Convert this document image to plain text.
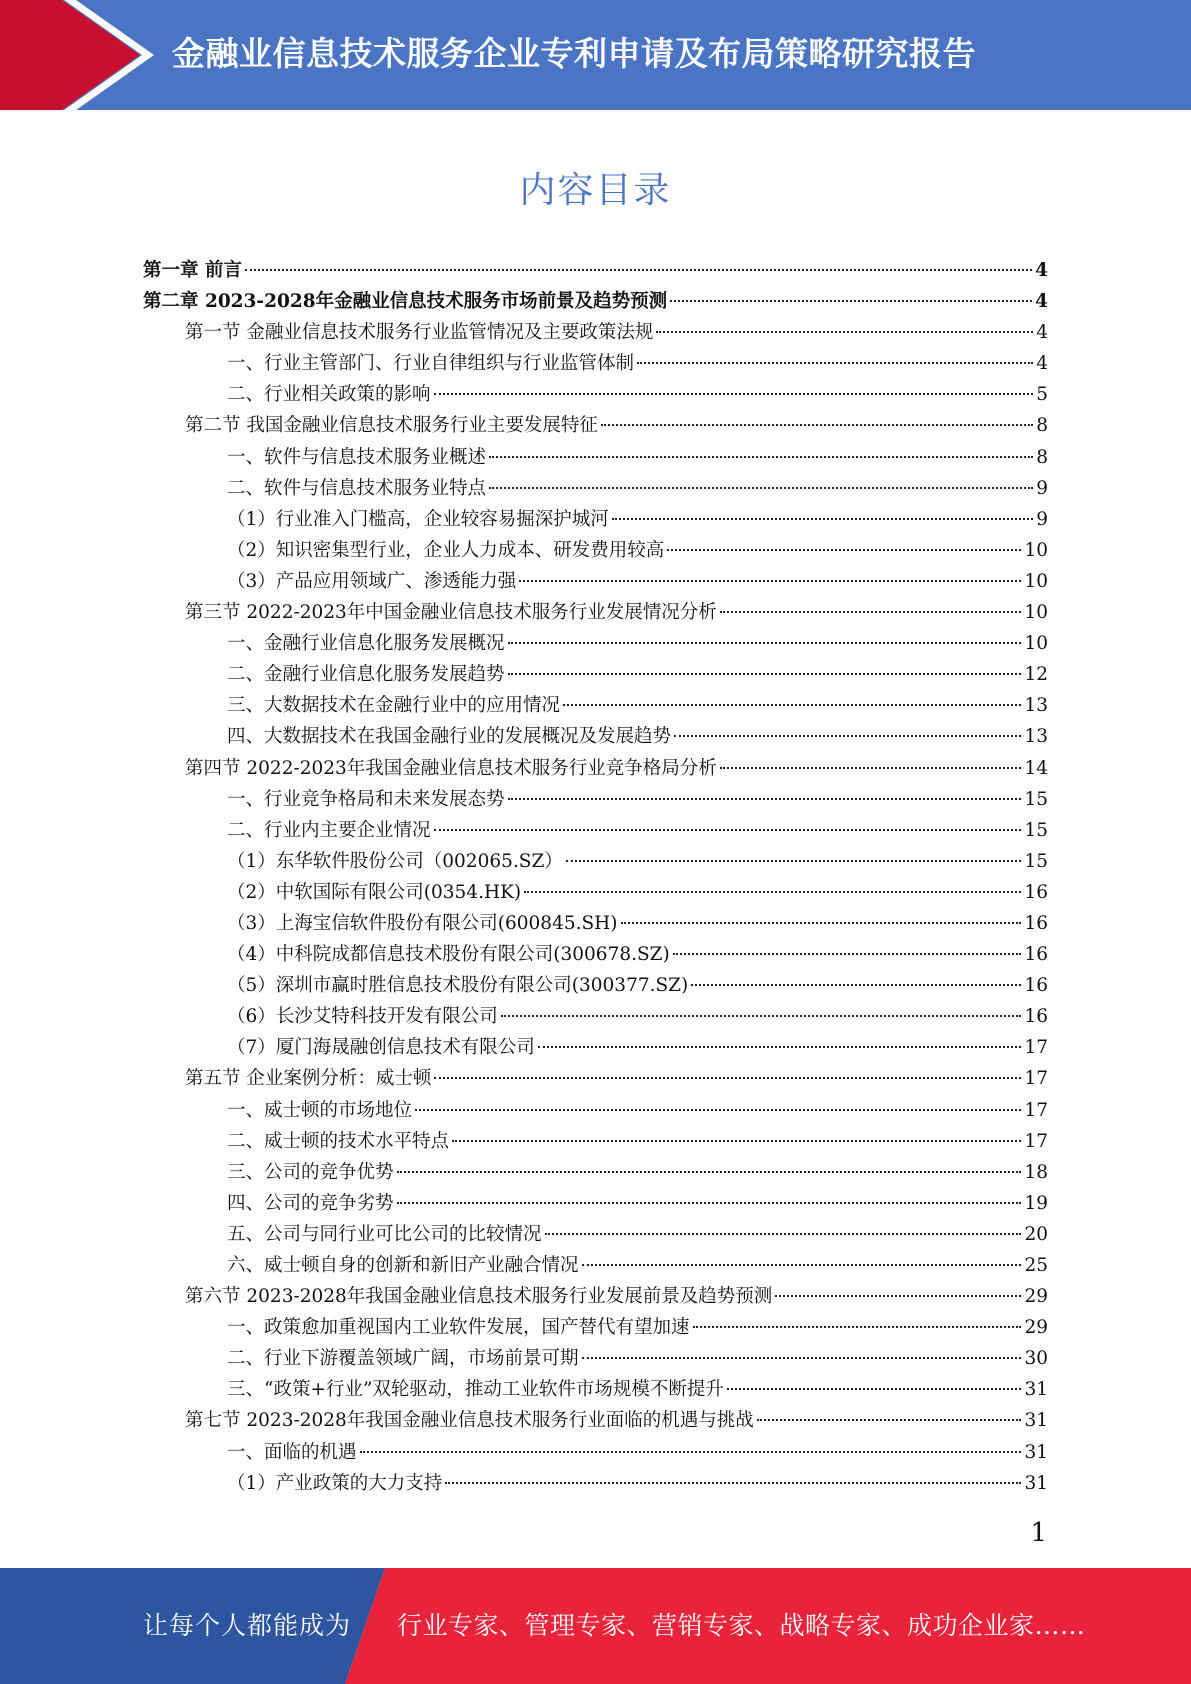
金融业信息技术服务企业专利申请及布局策略研究报告
内容目录
第一章 前言	4
第二章 2023-2028年金融业信息技术服务市场前景及趋势预测	4
第一节 金融业信息技术服务行业监管情况及主要政策法规	4
一、行业主管部门、行业自律组织与行业监管体制	4
二、行业相关政策的影响	5
第二节 我国金融业信息技术服务行业主要发展特征	8
一、软件与信息技术服务业概述	8
二、软件与信息技术服务业特点	9
（1）行业准入门槛高，企业较容易掘深护城河	9
（2）知识密集型行业，企业人力成本、研发费用较高	10
（3）产品应用领域广、渗透能力强	10
第三节 2022-2023年中国金融业信息技术服务行业发展情况分析	10
一、金融行业信息化服务发展概况	10
二、金融行业信息化服务发展趋势	12
三、大数据技术在金融行业中的应用情况	13
四、大数据技术在我国金融行业的发展概况及发展趋势	13
第四节 2022-2023年我国金融业信息技术服务行业竞争格局分析	14
一、行业竞争格局和未来发展态势	15
二、行业内主要企业情况	15
（1）东华软件股份公司（002065.SZ）	15
（2）中软国际有限公司(0354.HK)	16
（3）上海宝信软件股份有限公司(600845.SH)	16
（4）中科院成都信息技术股份有限公司(300678.SZ)	16
（5）深圳市赢时胜信息技术股份有限公司(300377.SZ)	16
（6）长沙艾特科技开发有限公司	16
（7）厦门海晟融创信息技术有限公司	17
第五节 企业案例分析：威士顿	17
一、威士顿的市场地位	17
二、威士顿的技术水平特点	17
三、公司的竞争优势	18
四、公司的竞争劣势	19
五、公司与同行业可比公司的比较情况	20
六、威士顿自身的创新和新旧产业融合情况	25
第六节 2023-2028年我国金融业信息技术服务行业发展前景及趋势预测	29
一、政策愈加重视国内工业软件发展，国产替代有望加速	29
二、行业下游覆盖领域广阔，市场前景可期	30
三、“政策+行业”双轮驱动，推动工业软件市场规模不断提升	31
第七节 2023-2028年我国金融业信息技术服务行业面临的机遇与挑战	31
一、面临的机遇	31
（1）产业政策的大力支持	31
1
让每个人都能成为 行业专家、管理专家、营销专家、战略专家、成功企业家……
